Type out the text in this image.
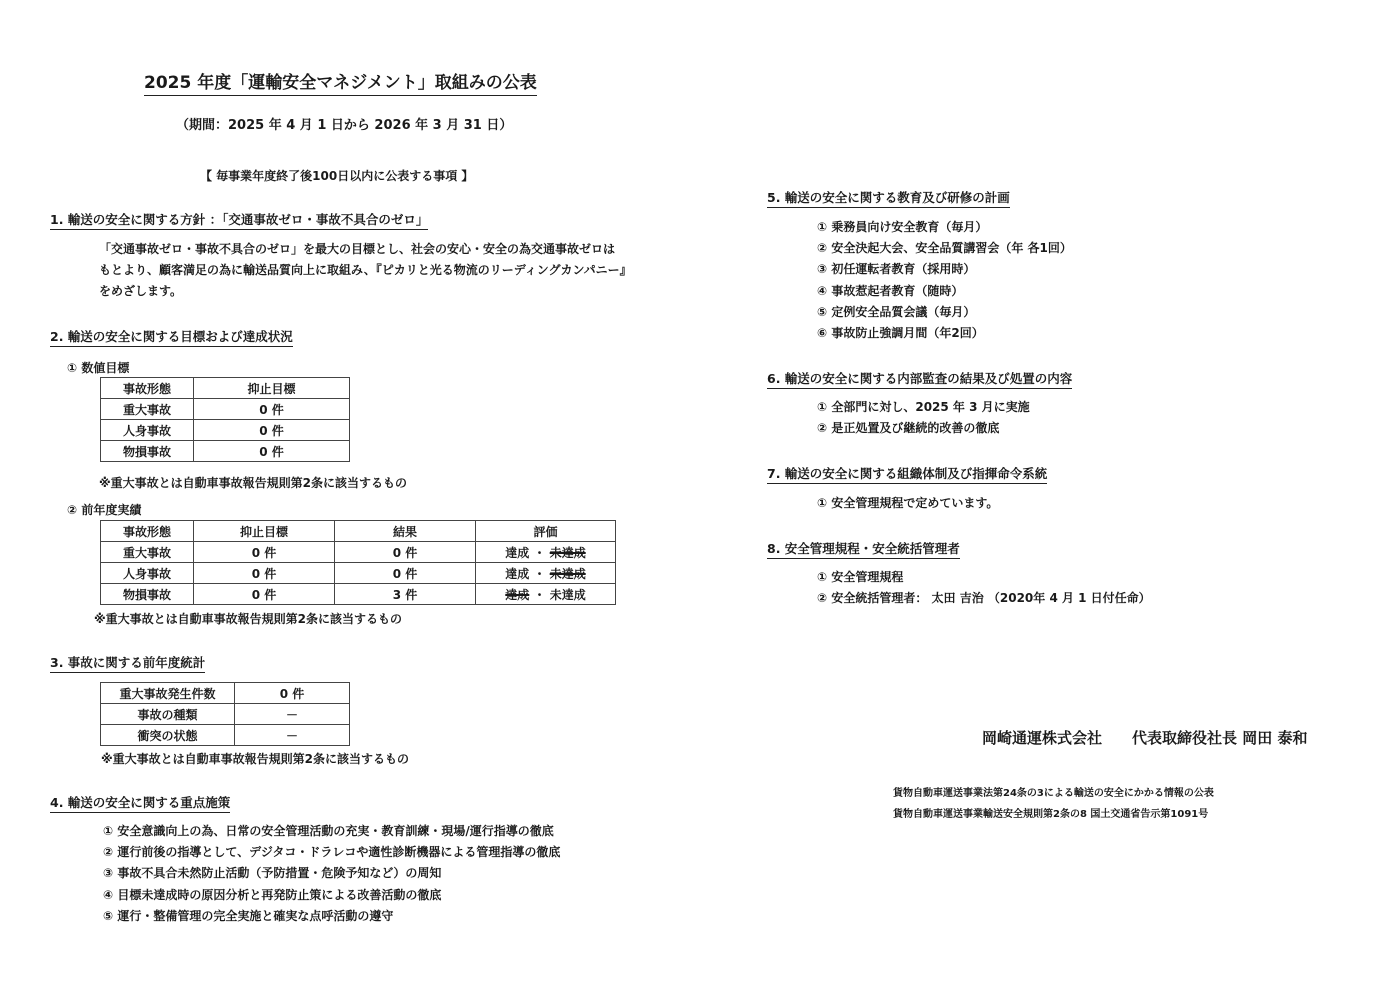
2025 年度「運輸安全マネジメント」取組みの公表
（期間：2025 年 4 月 1 日から 2026 年 3 月 31 日）
【 毎事業年度終了後100日以内に公表する事項 】
1. 輸送の安全に関する方針 ：「交通事故ゼロ・事故不具合のゼロ」
「交通事故ゼロ・事故不具合のゼロ」を最大の目標とし、社会の安心・安全の為交通事故ゼロは
もとより、顧客満足の為に輸送品質向上に取組み、『ピカリと光る物流のリーディングカンパニー』
をめざします。
2. 輸送の安全に関する目標および達成状況
① 数値目標
事故形態	抑止目標
重大事故	0 件
人身事故	0 件
物損事故	0 件
※重大事故とは自動車事故報告規則第2条に該当するもの
② 前年度実績
事故形態	抑止目標	結果	評価
重大事故	0 件	0 件	達成 ・ 未達成
人身事故	0 件	0 件	達成 ・ 未達成
物損事故	0 件	3 件	達成 ・ 未達成
※重大事故とは自動車事故報告規則第2条に該当するもの
3. 事故に関する前年度統計
重大事故発生件数	0 件
事故の種類	－
衝突の状態	－
※重大事故とは自動車事故報告規則第2条に該当するもの
4. 輸送の安全に関する重点施策
① 安全意識向上の為、日常の安全管理活動の充実・教育訓練・現場/運行指導の徹底
② 運行前後の指導として、デジタコ・ドラレコや適性診断機器による管理指導の徹底
③ 事故不具合未然防止活動（予防措置・危険予知など）の周知
④ 目標未達成時の原因分析と再発防止策による改善活動の徹底
⑤ 運行・整備管理の完全実施と確実な点呼活動の遵守
5. 輸送の安全に関する教育及び研修の計画
① 乗務員向け安全教育（毎月）
② 安全決起大会、安全品質講習会（年 各1回）
③ 初任運転者教育（採用時）
④ 事故惹起者教育（随時）
⑤ 定例安全品質会議（毎月）
⑥ 事故防止強調月間（年2回）
6. 輸送の安全に関する内部監査の結果及び処置の内容
① 全部門に対し、2025 年 3 月に実施
② 是正処置及び継続的改善の徹底
7. 輸送の安全に関する組織体制及び指揮命令系統
① 安全管理規程で定めています。
8. 安全管理規程・安全統括管理者
① 安全管理規程
② 安全統括管理者： 太田 吉治 （2020年 4 月 1 日付任命）
岡崎通運株式会社　　代表取締役社長 岡田 泰和
貨物自動車運送事業法第24条の3による輸送の安全にかかる情報の公表
貨物自動車運送事業輸送安全規則第2条の8 国土交通省告示第1091号
